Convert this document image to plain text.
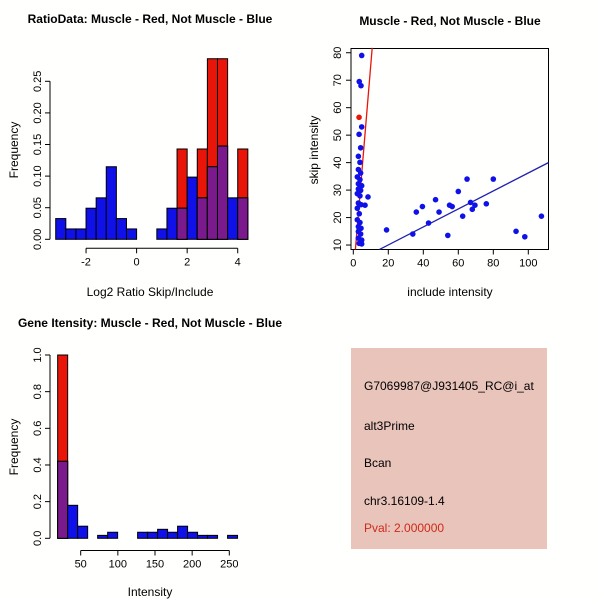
RatioData: Muscle - Red, Not Muscle - Blue
Frequency
0.00
0.05
0.10
0.15
0.20
0.25
-2	0	2	4
Log2 Ratio Skip/Include
Muscle - Red, Not Muscle - Blue
skip intensity
10
20
30
40
50
60
70
80
0 20 40 60 80 100
include intensity
Gene Itensity: Muscle - Red, Not Muscle - Blue
Frequency
0.0
0.2
0.4
0.6
0.8
1.0
50 100 150 200 250
Intensity
G7069987@J931405_RC@i_at
alt3Prime
Bcan
chr3.16109-1.4
Pval: 2.000000
